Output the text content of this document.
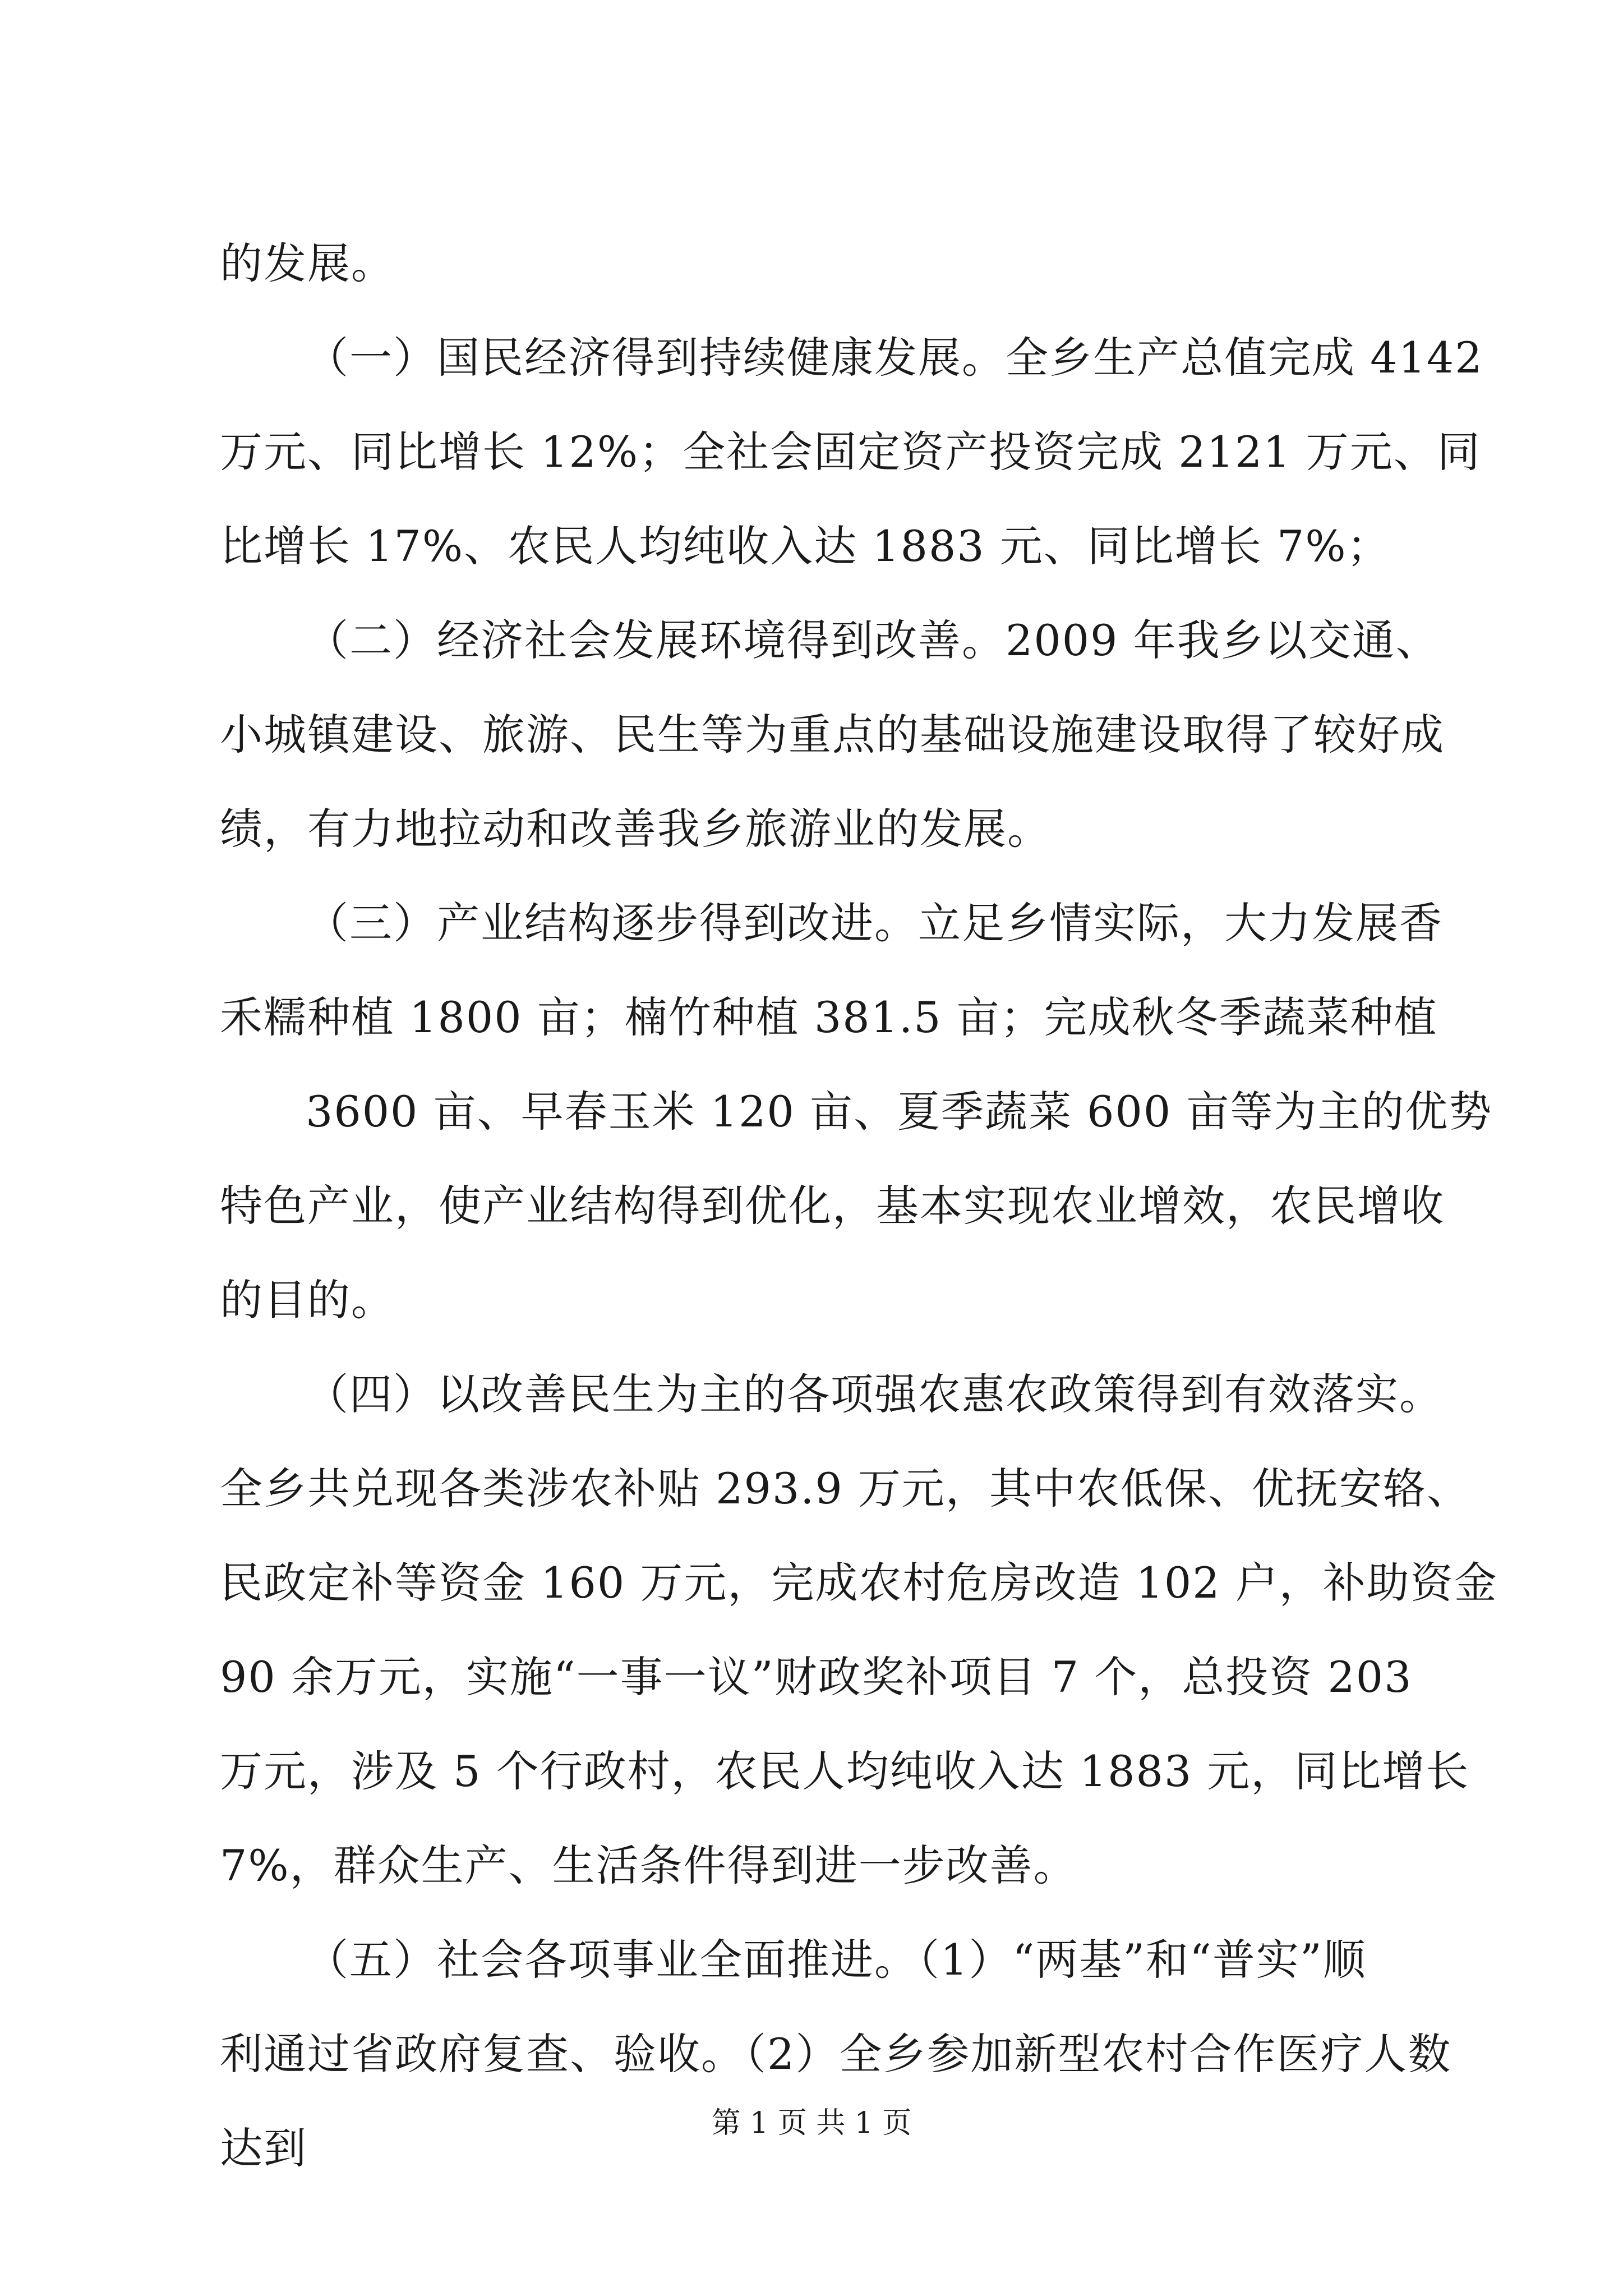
第 1 页 共 1 页
的发展。
（一）国民经济得到持续健康发展。全乡生产总值完成 4142
万元、同比增长 12%；全社会固定资产投资完成 2121 万元、同
比增长 17%、农民人均纯收入达 1883 元、同比增长 7%；
（二）经济社会发展环境得到改善。2009 年我乡以交通、
小城镇建设、旅游、民生等为重点的基础设施建设取得了较好成
绩，有力地拉动和改善我乡旅游业的发展。
（三）产业结构逐步得到改进。立足乡情实际，大力发展香
禾糯种植 1800 亩；楠竹种植 381.5 亩；完成秋冬季蔬菜种植
3600 亩、早春玉米 120 亩、夏季蔬菜 600 亩等为主的优势
特色产业，使产业结构得到优化，基本实现农业增效，农民增收
的目的。
（四）以改善民生为主的各项强农惠农政策得到有效落实。
全乡共兑现各类涉农补贴 293.9 万元，其中农低保、优抚安辂、
民政定补等资金 160 万元，完成农村危房改造 102 户，补助资金
90 余万元，实施“一事一议”财政奖补项目 7 个，总投资 203
万元，涉及 5 个行政村，农民人均纯收入达 1883 元，同比增长
7%，群众生产、生活条件得到进一步改善。
（五）社会各项事业全面推进。（1）“两基”和“普实”顺
利通过省政府复查、验收。（2）全乡参加新型农村合作医疗人数
达到
